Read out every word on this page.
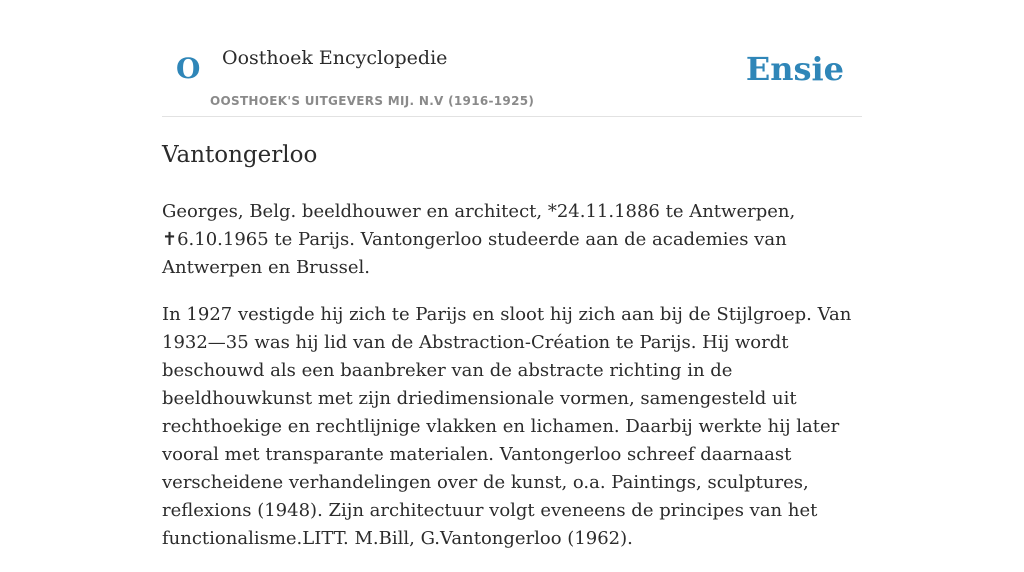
O Oosthoek Encyclopedie
OOSTHOEK'S UITGEVERS MIJ. N.V (1916-1925)
Ensie
Vantongerloo

Georges, Belg. beeldhouwer en architect, *24.11.1886 te Antwerpen, ✝6.10.1965 te Parijs. Vantongerloo studeerde aan de academies van Antwerpen en Brussel.

In 1927 vestigde hij zich te Parijs en sloot hij zich aan bij de Stijlgroep. Van 1932—35 was hij lid van de Abstraction-Création te Parijs. Hij wordt beschouwd als een baanbreker van de abstracte richting in de beeldhouwkunst met zijn driedimensionale vormen, samengesteld uit rechthoekige en rechtlijnige vlakken en lichamen. Daarbij werkte hij later vooral met transparante materialen. Vantongerloo schreef daarnaast verscheidene verhandelingen over de kunst, o.a. Paintings, sculptures, reflexions (1948). Zijn architectuur volgt eveneens de principes van het functionalisme.LITT. M.Bill, G.Vantongerloo (1962).
